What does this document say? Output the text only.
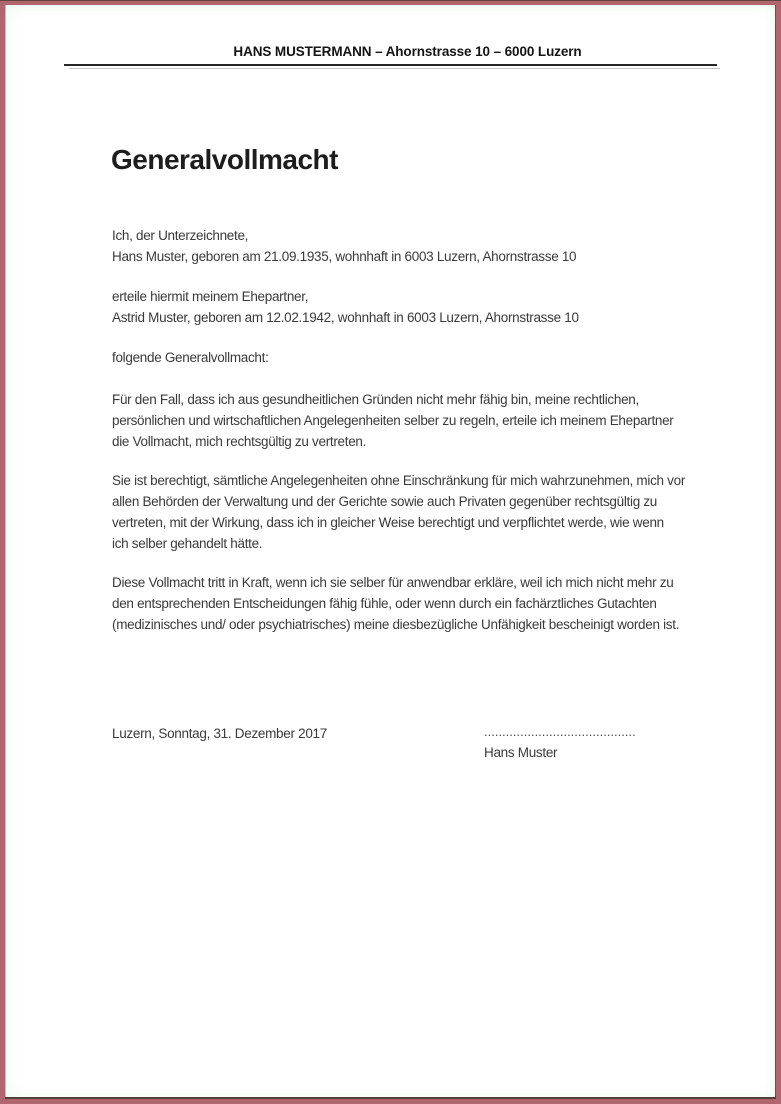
HANS MUSTERMANN – Ahornstrasse 10 – 6000 Luzern
Generalvollmacht
Ich, der Unterzeichnete,
Hans Muster, geboren am 21.09.1935, wohnhaft in 6003 Luzern, Ahornstrasse 10
erteile hiermit meinem Ehepartner,
Astrid Muster, geboren am 12.02.1942, wohnhaft in 6003 Luzern, Ahornstrasse 10
folgende Generalvollmacht:
Für den Fall, dass ich aus gesundheitlichen Gründen nicht mehr fähig bin, meine rechtlichen,
persönlichen und wirtschaftlichen Angelegenheiten selber zu regeln, erteile ich meinem Ehepartner
die Vollmacht, mich rechtsgültig zu vertreten.
Sie ist berechtigt, sämtliche Angelegenheiten ohne Einschränkung für mich wahrzunehmen, mich vor
allen Behörden der Verwaltung und der Gerichte sowie auch Privaten gegenüber rechtsgültig zu
vertreten, mit der Wirkung, dass ich in gleicher Weise berechtigt und verpflichtet werde, wie wenn
ich selber gehandelt hätte.
Diese Vollmacht tritt in Kraft, wenn ich sie selber für anwendbar erkläre, weil ich mich nicht mehr zu
den entsprechenden Entscheidungen fähig fühle, oder wenn durch ein fachärztliches Gutachten
(medizinisches und/ oder psychiatrisches) meine diesbezügliche Unfähigkeit bescheinigt worden ist.
Luzern, Sonntag, 31. Dezember 2017	..........................................
Hans Muster
